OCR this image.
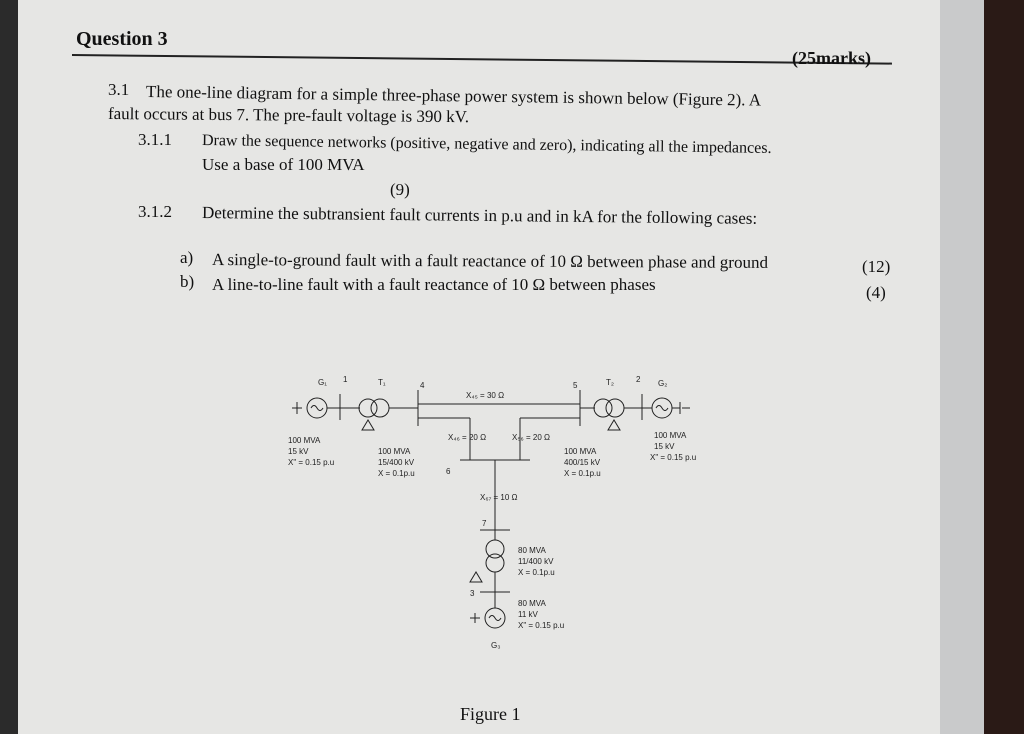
Question 3
(25marks)
3.1 The one-line diagram for a simple three-phase power system is shown below (Figure 2). A
fault occurs at bus 7. The pre-fault voltage is 390 kV.
3.1.1 Draw the sequence networks (positive, negative and zero), indicating all the impedances.
Use a base of 100 MVA
(9)
3.1.2 Determine the subtransient fault currents in p.u and in kA for the following cases:
a) A single-to-ground fault with a fault reactance of 10 Ω between phase and ground	(12)
b) A line-to-line fault with a fault reactance of 10 Ω between phases	(4)
G₁ 1	T₁	4
X₄₅ = 30 Ω
5	T₂	2 G₂
100 MVA
15 kV
X" = 0.15 p.u
100 MVA
15/400 kV
X = 0.1p.u
X₄₆ = 20 Ω	X₅₆ = 20 Ω
100 MVA
400/15 kV
X = 0.1p.u
100 MVA
15 kV
X" = 0.15 p.u
6
X₆₇ = 10 Ω
7
80 MVA
11/400 kV
X = 0.1p.u
3
80 MVA
11 kV
X" = 0.15 p.u
G₃
Figure 1
